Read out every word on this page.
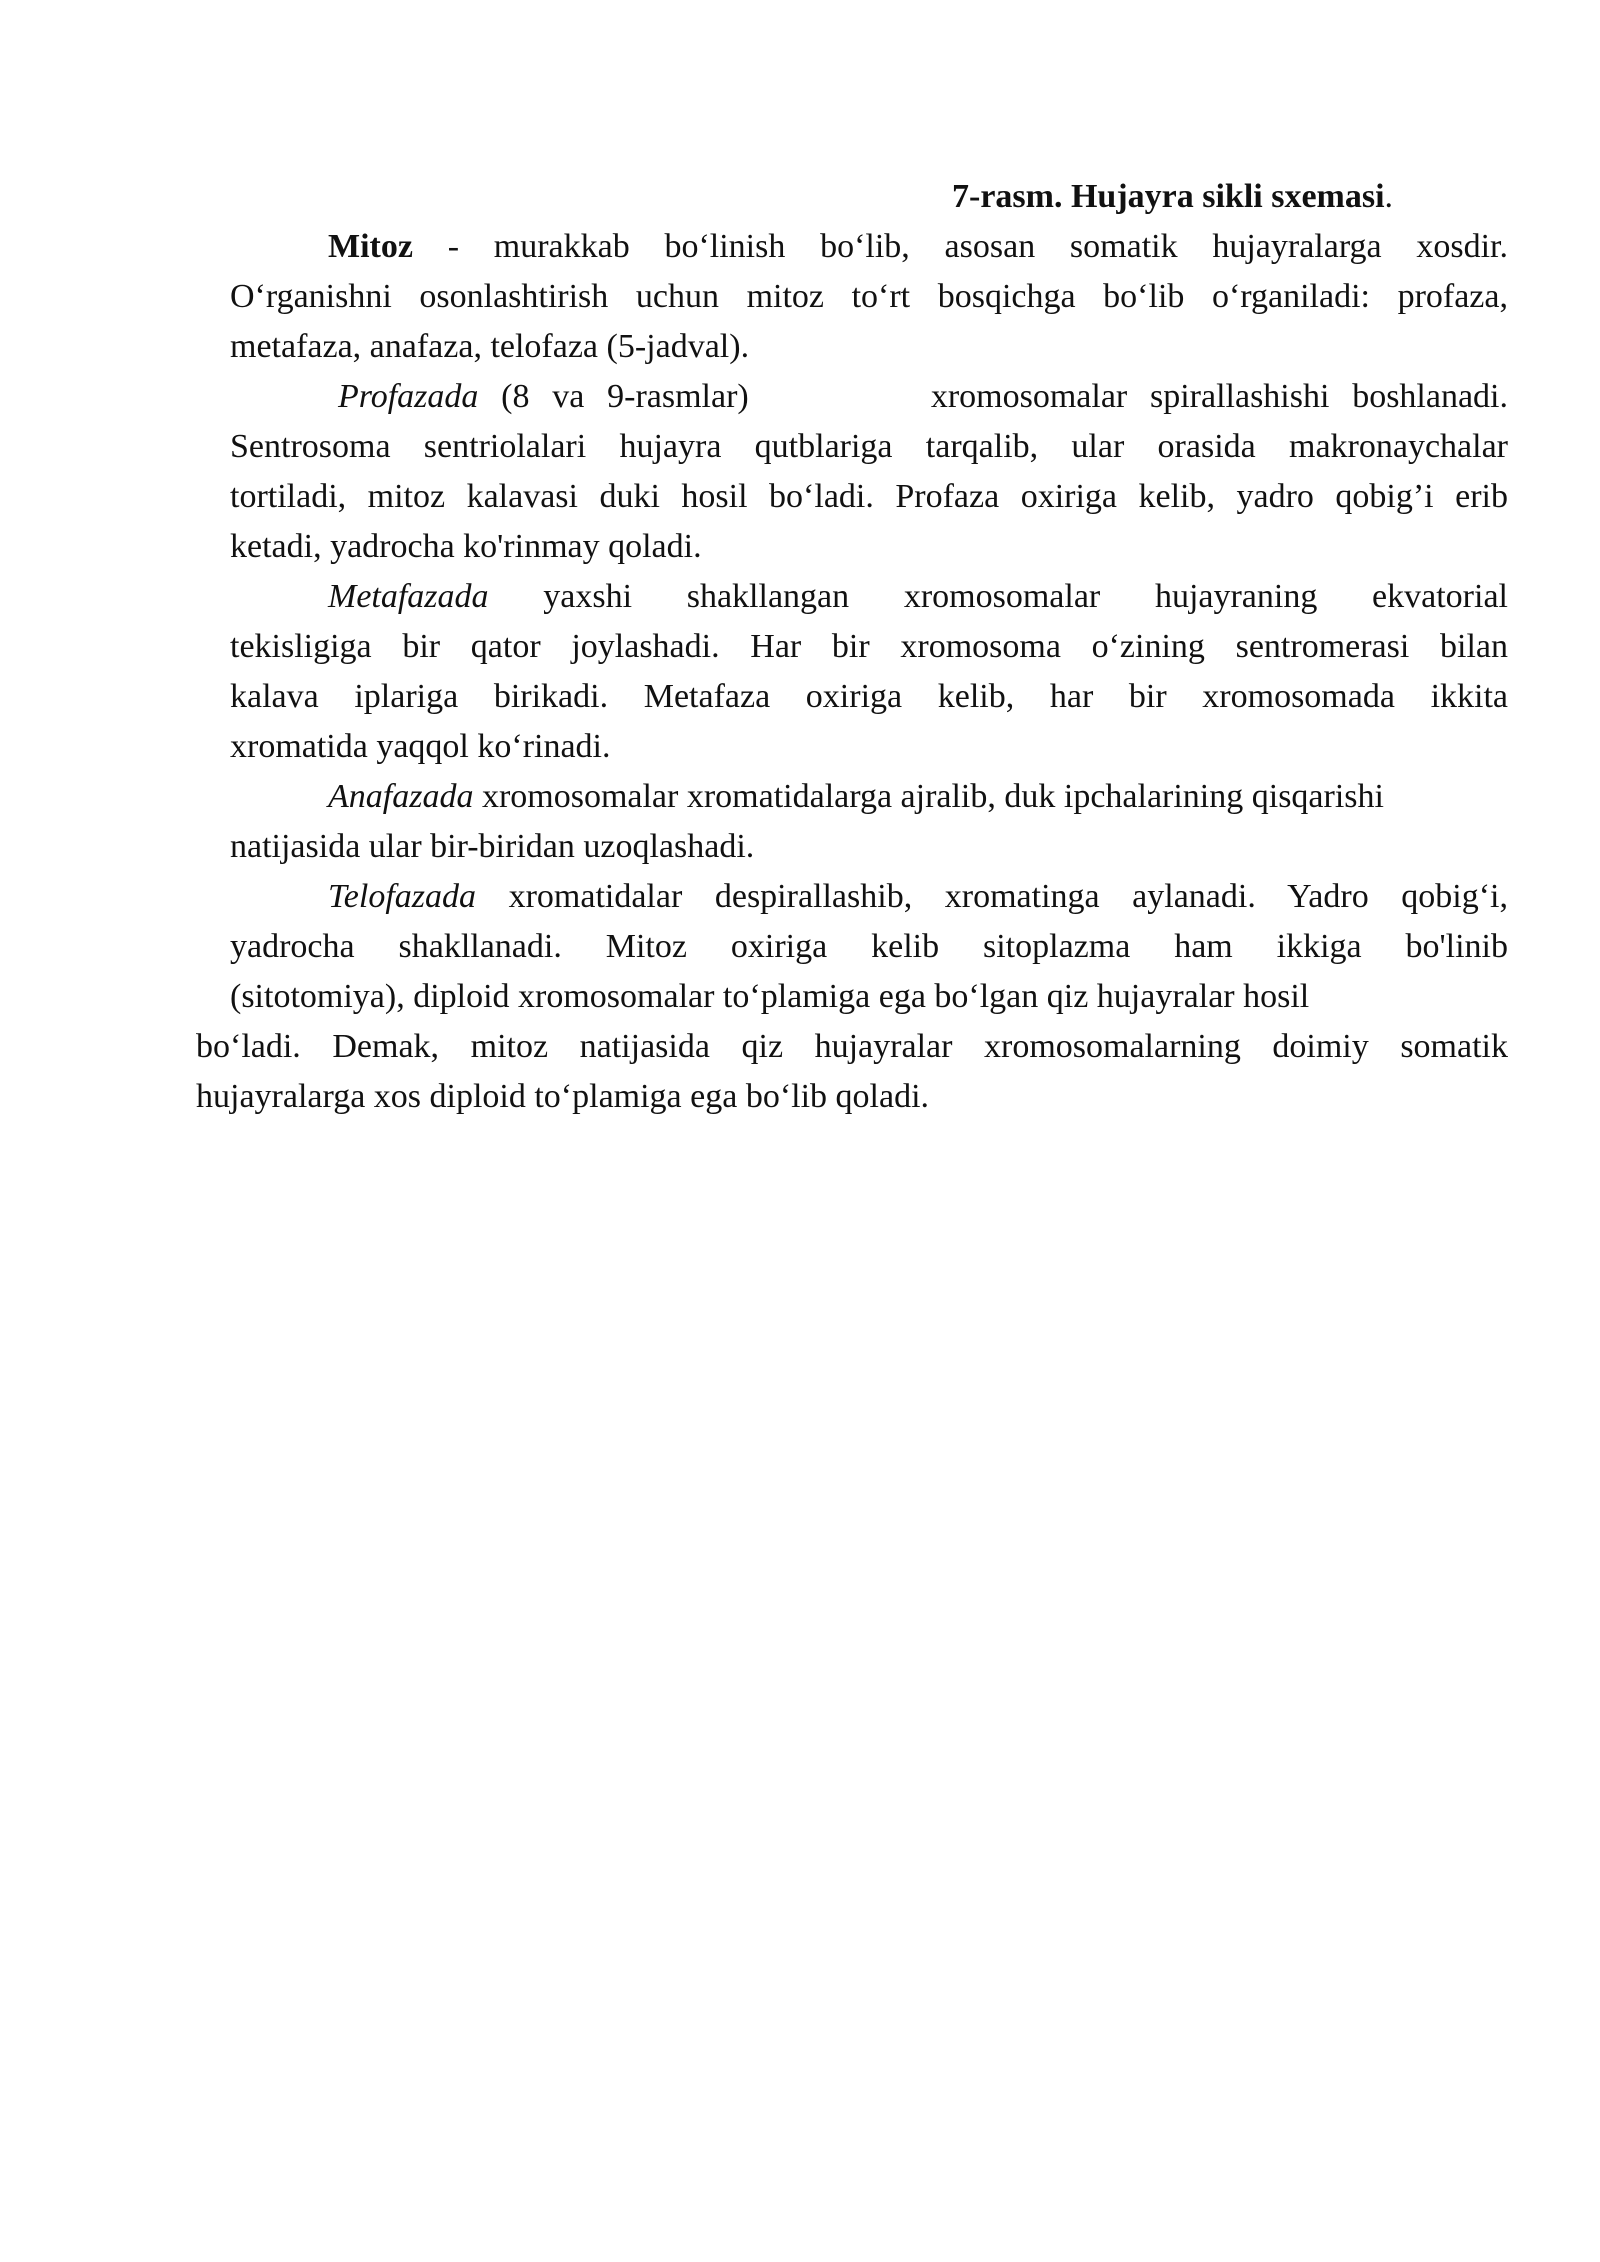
7-rasm. Hujayra sikli sxemasi.

Mitoz - murakkab bo‘linish bo‘lib, asosan somatik hujayralarga xosdir.

O‘rganishni osonlashtirish uchun mitoz to‘rt bosqichga bo‘lib o‘rganiladi: profaza,

metafaza, anafaza, telofaza (5-jadval).

Profazada (8 va 9-rasmlar)        xromosomalar spirallashishi boshlanadi.

Sentrosoma sentriolalari hujayra qutblariga tarqalib, ular orasida makronaychalar

tortiladi, mitoz kalavasi duki hosil bo‘ladi. Profaza oxiriga kelib, yadro qobig’i erib

ketadi, yadrocha ko'rinmay qoladi.

Metafazada yaxshi shakllangan xromosomalar hujayraning ekvatorial

tekisligiga bir qator joylashadi. Har bir xromosoma o‘zining sentromerasi bilan

kalava iplariga birikadi. Metafaza oxiriga kelib, har bir xromosomada ikkita

xromatida yaqqol ko‘rinadi.

Anafazada xromosomalar xromatidalarga ajralib, duk ipchalarining qisqarishi

natijasida ular bir-biridan uzoqlashadi.

Telofazada xromatidalar despirallashib, xromatinga aylanadi. Yadro qobig‘i,

yadrocha shakllanadi. Mitoz oxiriga kelib sitoplazma ham ikkiga bo'linib

(sitotomiya), diploid xromosomalar to‘plamiga ega bo‘lgan qiz hujayralar hosil

bo‘ladi. Demak, mitoz natijasida qiz hujayralar xromosomalarning doimiy somatik

hujayralarga xos diploid to‘plamiga ega bo‘lib qoladi.
